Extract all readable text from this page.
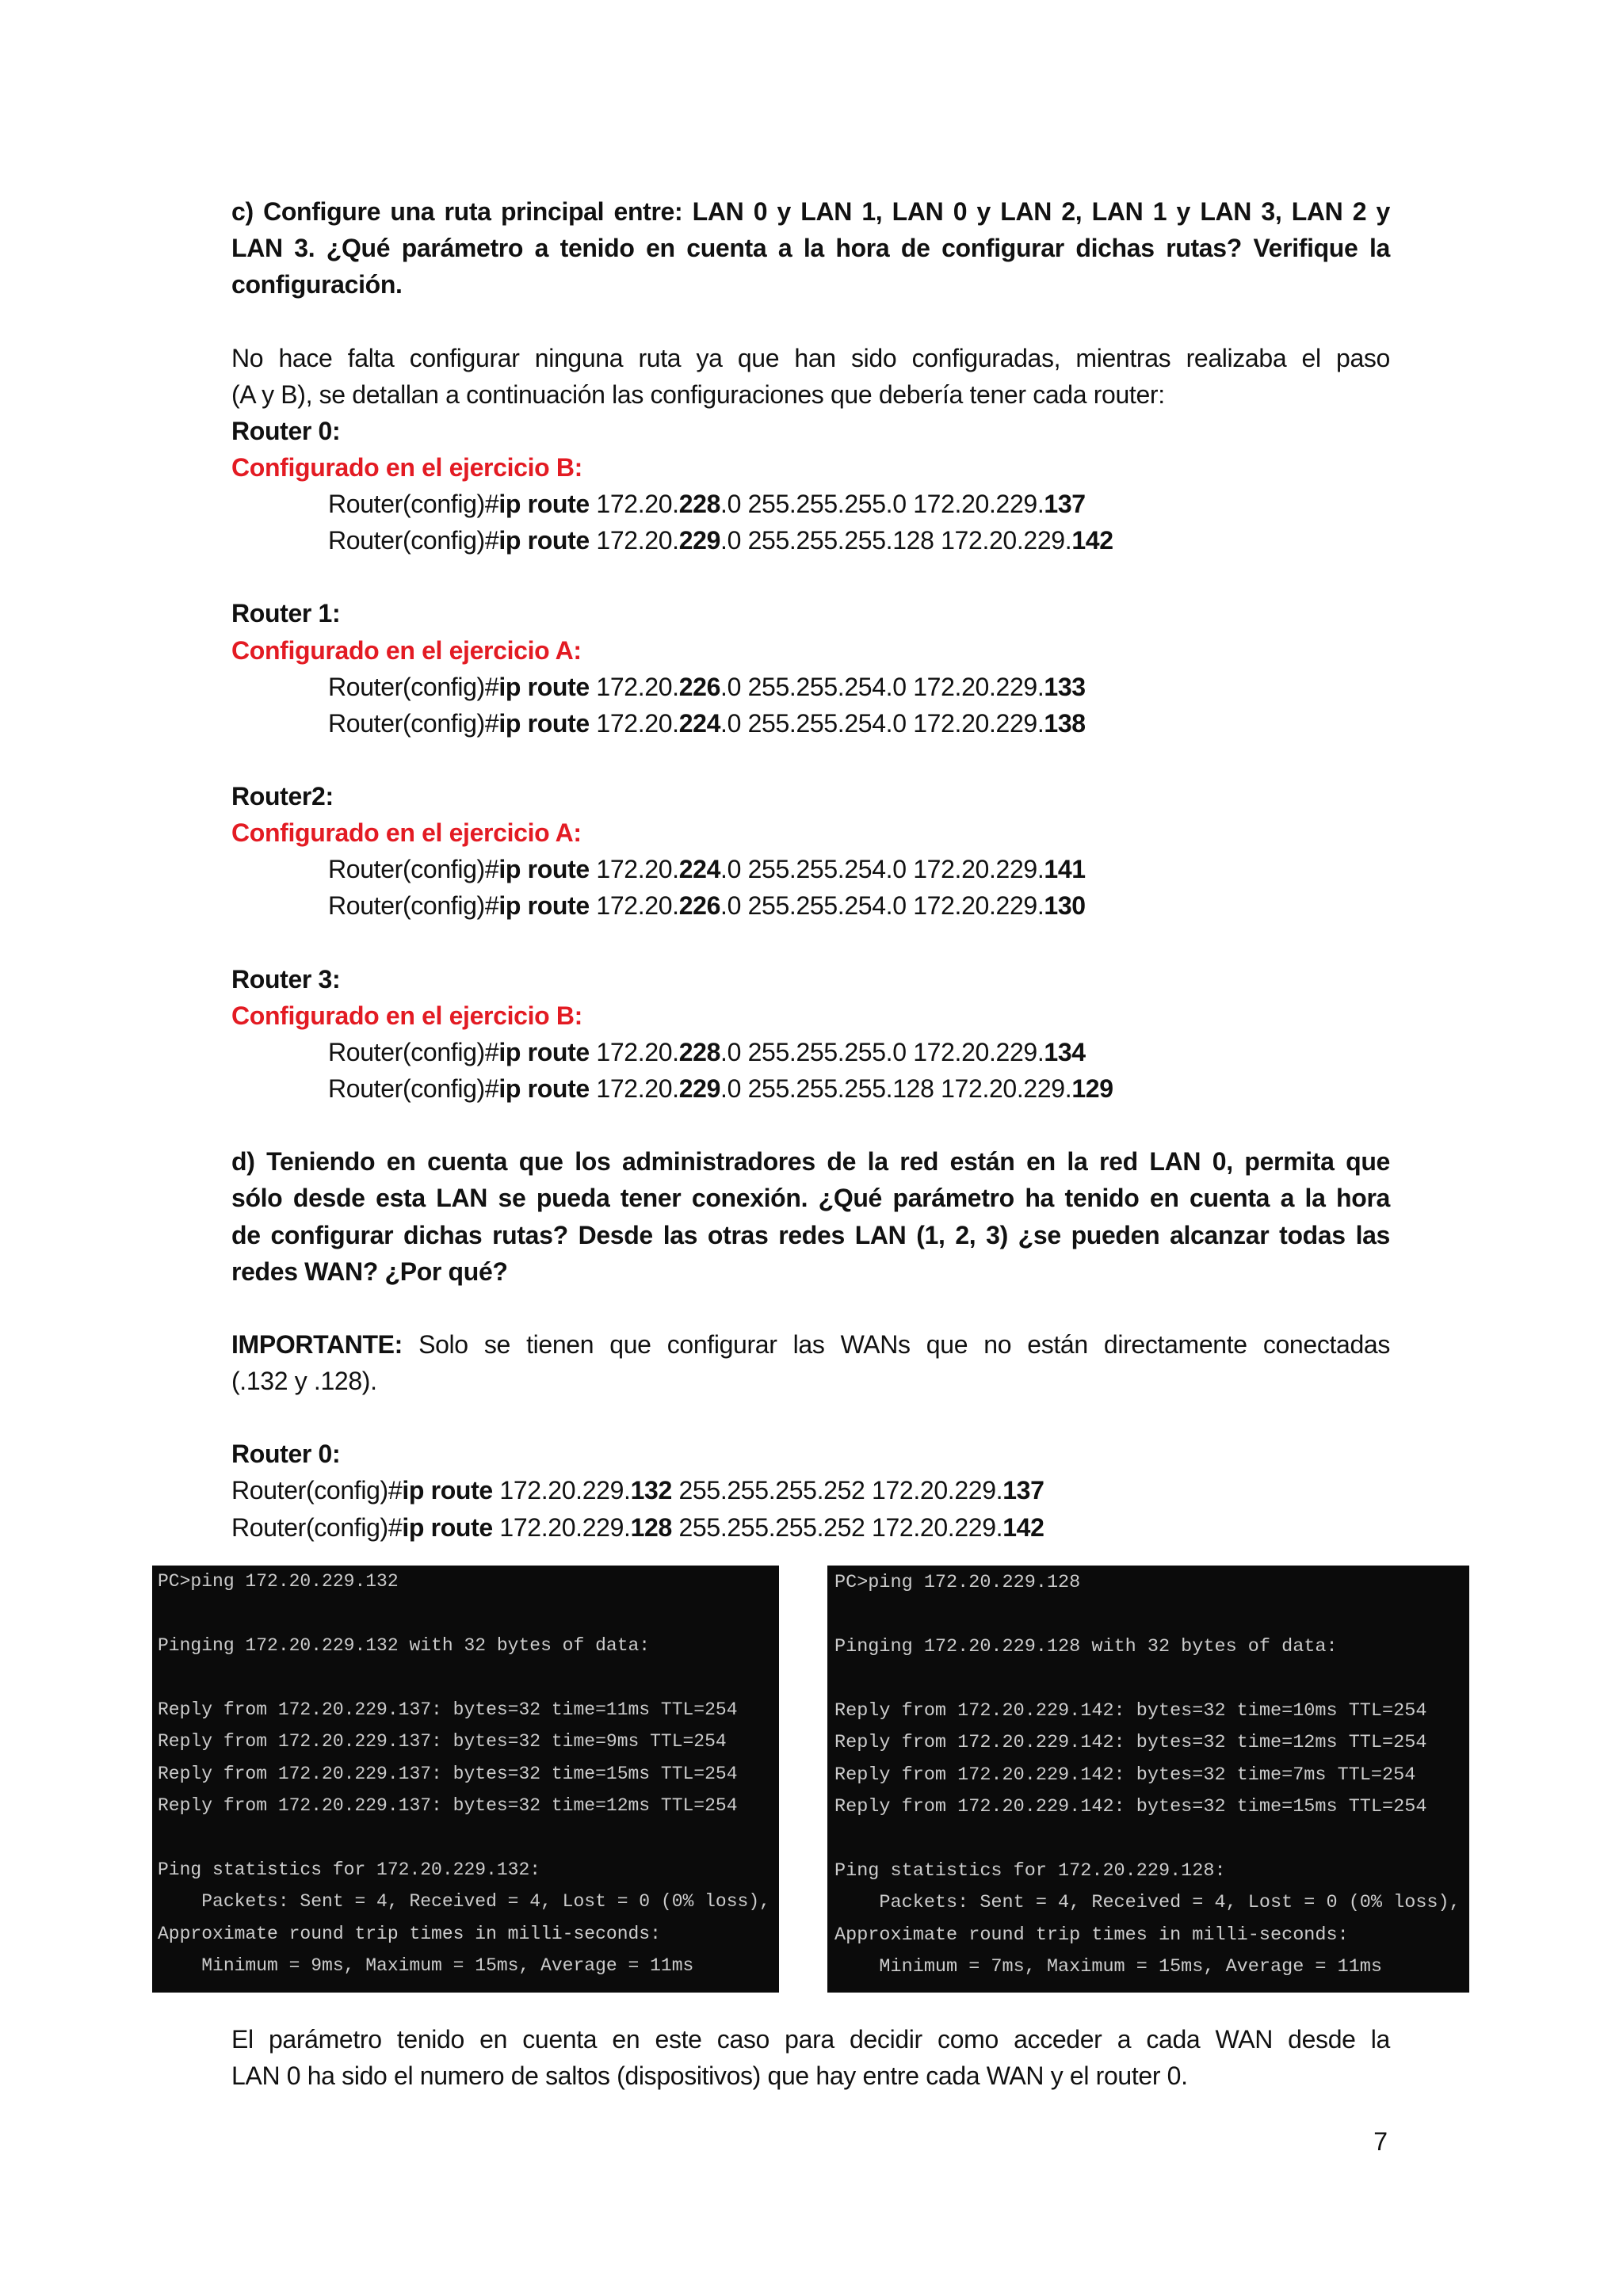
c) Configure una ruta principal entre: LAN 0 y LAN 1, LAN 0 y LAN 2, LAN 1 y LAN 3, LAN 2 y
LAN 3. ¿Qué parámetro a tenido en cuenta a la hora de configurar dichas rutas? Verifique la
configuración.
No hace falta configurar ninguna ruta ya que han sido configuradas, mientras realizaba el paso
(A y B), se detallan a continuación las configuraciones que debería tener cada router:
Router 0:
Configurado en el ejercicio B:
Router(config)#ip route 172.20.228.0 255.255.255.0 172.20.229.137
Router(config)#ip route 172.20.229.0 255.255.255.128 172.20.229.142
Router 1:
Configurado en el ejercicio A:
Router(config)#ip route 172.20.226.0 255.255.254.0 172.20.229.133
Router(config)#ip route 172.20.224.0 255.255.254.0 172.20.229.138
Router2:
Configurado en el ejercicio A:
Router(config)#ip route 172.20.224.0 255.255.254.0 172.20.229.141
Router(config)#ip route 172.20.226.0 255.255.254.0 172.20.229.130
Router 3:
Configurado en el ejercicio B:
Router(config)#ip route 172.20.228.0 255.255.255.0 172.20.229.134
Router(config)#ip route 172.20.229.0 255.255.255.128 172.20.229.129
d) Teniendo en cuenta que los administradores de la red están en la red LAN 0, permita que
sólo desde esta LAN se pueda tener conexión. ¿Qué parámetro ha tenido en cuenta a la hora
de configurar dichas rutas? Desde las otras redes LAN (1, 2, 3) ¿se pueden alcanzar todas las
redes WAN? ¿Por qué?
IMPORTANTE: Solo se tienen que configurar las WANs que no están directamente conectadas
(.132 y .128).
Router 0:
Router(config)#ip route 172.20.229.132 255.255.255.252 172.20.229.137
Router(config)#ip route 172.20.229.128 255.255.255.252 172.20.229.142
PC>ping 172.20.229.132
Pinging 172.20.229.132 with 32 bytes of data:
Reply from 172.20.229.137: bytes=32 time=11ms TTL=254
Reply from 172.20.229.137: bytes=32 time=9ms TTL=254
Reply from 172.20.229.137: bytes=32 time=15ms TTL=254
Reply from 172.20.229.137: bytes=32 time=12ms TTL=254
Ping statistics for 172.20.229.132:
Packets: Sent = 4, Received = 4, Lost = 0 (0% loss),
Approximate round trip times in milli-seconds:
Minimum = 9ms, Maximum = 15ms, Average = 11ms
PC>ping 172.20.229.128
Pinging 172.20.229.128 with 32 bytes of data:
Reply from 172.20.229.142: bytes=32 time=10ms TTL=254
Reply from 172.20.229.142: bytes=32 time=12ms TTL=254
Reply from 172.20.229.142: bytes=32 time=7ms TTL=254
Reply from 172.20.229.142: bytes=32 time=15ms TTL=254
Ping statistics for 172.20.229.128:
Packets: Sent = 4, Received = 4, Lost = 0 (0% loss),
Approximate round trip times in milli-seconds:
Minimum = 7ms, Maximum = 15ms, Average = 11ms
El parámetro tenido en cuenta en este caso para decidir como acceder a cada WAN desde la
LAN 0 ha sido el numero de saltos (dispositivos) que hay entre cada WAN y el router 0.
7
